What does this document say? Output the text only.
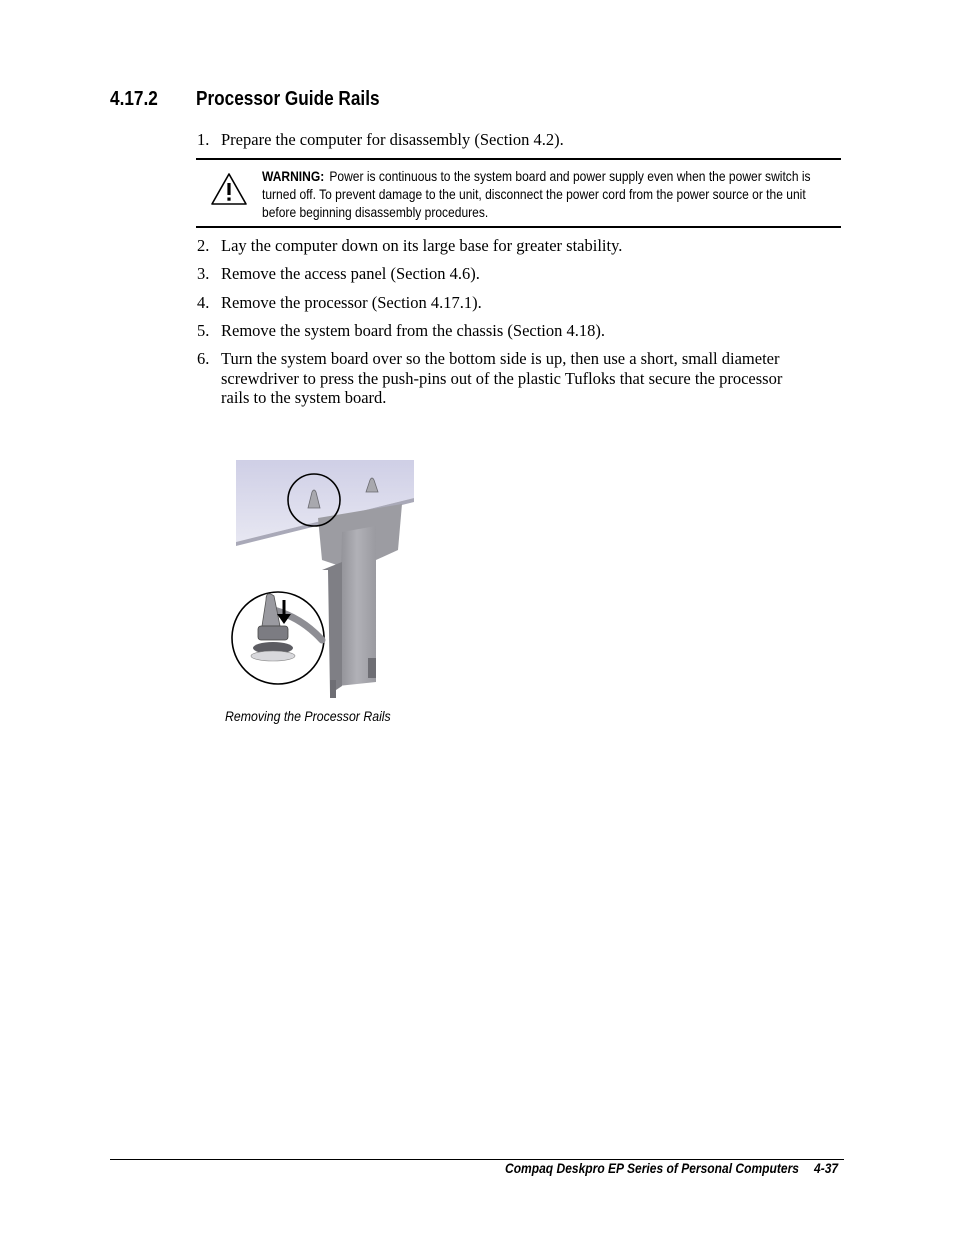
4.17.2 Processor Guide Rails
1. Prepare the computer for disassembly (Section 4.2).
WARNING: Power is continuous to the system board and power supply even when the power switch is turned off. To prevent damage to the unit, disconnect the power cord from the power source or the unit before beginning disassembly procedures.
2. Lay the computer down on its large base for greater stability.
3. Remove the access panel (Section 4.6).
4. Remove the processor (Section 4.17.1).
5. Remove the system board from the chassis (Section 4.18).
6. Turn the system board over so the bottom side is up, then use a short, small diameter screwdriver to press the push-pins out of the plastic Tufloks that secure the processor rails to the system board.
Removing the Processor Rails
Compaq Deskpro EP Series of Personal Computers 4-37
